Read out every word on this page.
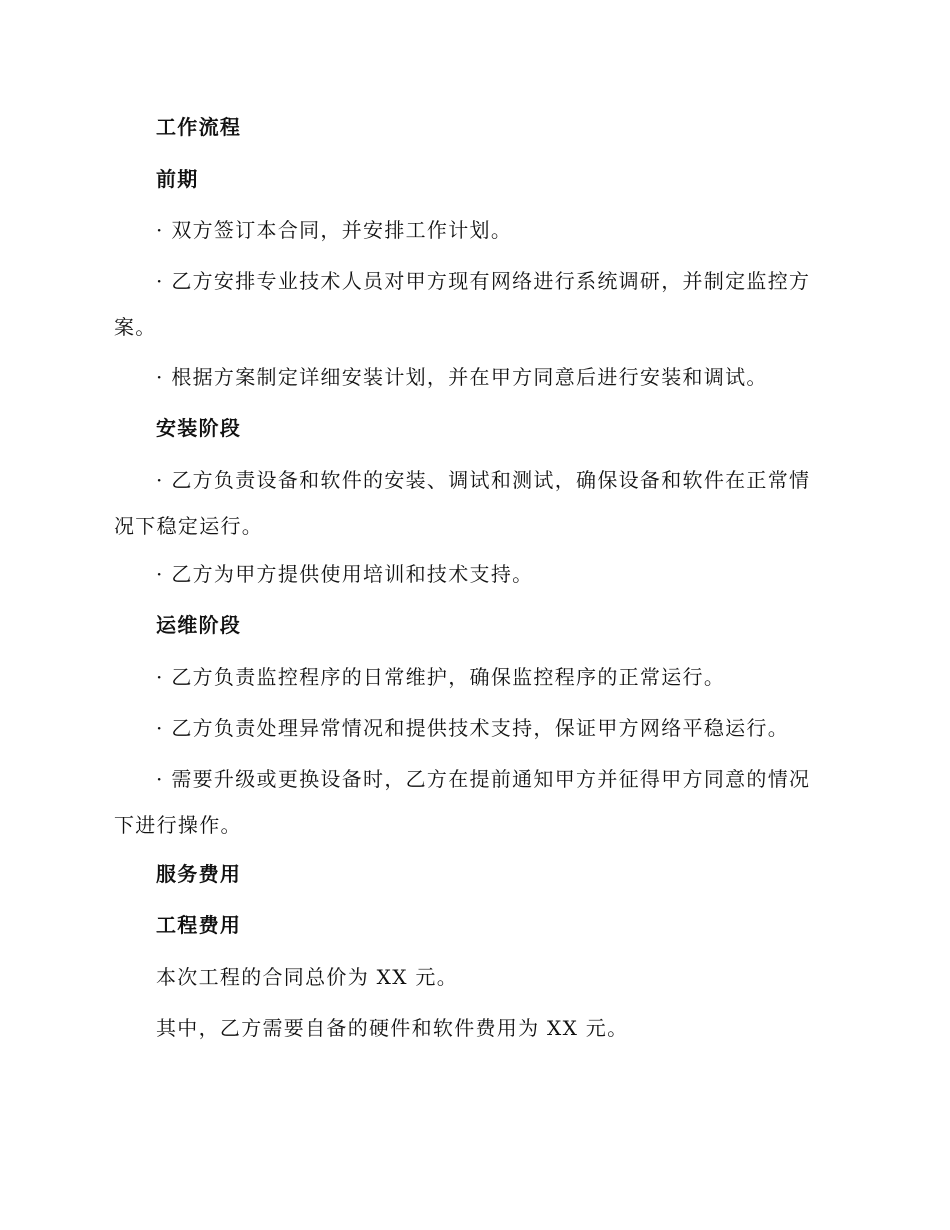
工作流程
前期
· 双方签订本合同，并安排工作计划。
· 乙方安排专业技术人员对甲方现有网络进行系统调研，并制定监控方案。
· 根据方案制定详细安装计划，并在甲方同意后进行安装和调试。
安装阶段
· 乙方负责设备和软件的安装、调试和测试，确保设备和软件在正常情况下稳定运行。
· 乙方为甲方提供使用培训和技术支持。
运维阶段
· 乙方负责监控程序的日常维护，确保监控程序的正常运行。
· 乙方负责处理异常情况和提供技术支持，保证甲方网络平稳运行。
· 需要升级或更换设备时，乙方在提前通知甲方并征得甲方同意的情况下进行操作。
服务费用
工程费用
本次工程的合同总价为 XX 元。
其中，乙方需要自备的硬件和软件费用为 XX 元。
